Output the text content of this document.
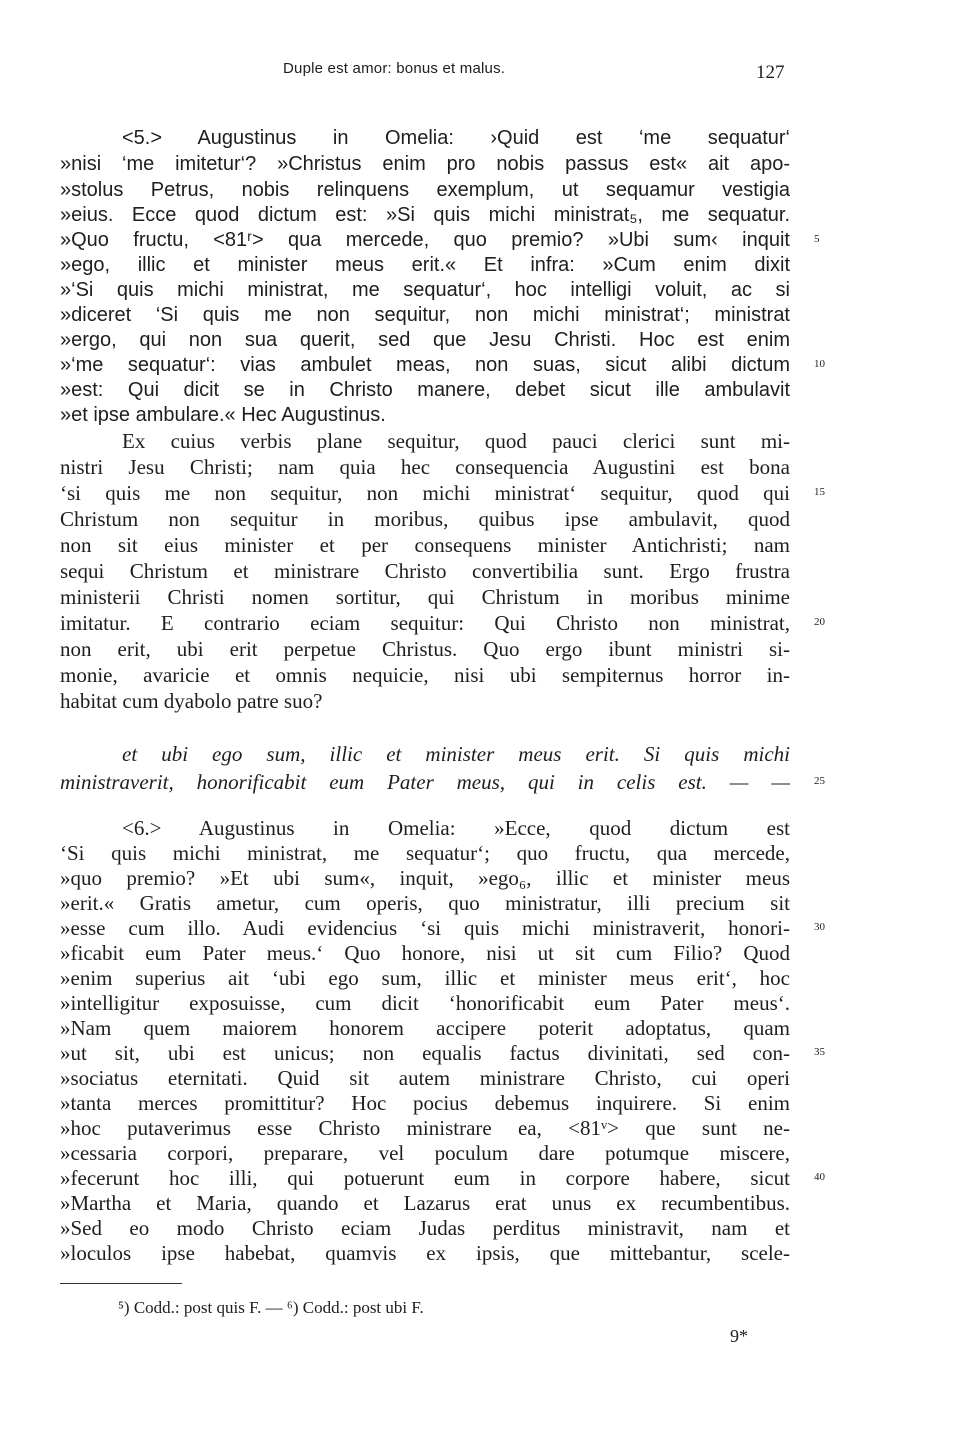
Duple est amor: bonus et malus.	127
<5.> Augustinus in Omelia: ›Quid est ‘me sequatur‘
»nisi ‘me imitetur‘? »Christus enim pro nobis passus est« ait apo-
»stolus Petrus, nobis relinquens exemplum, ut sequamur vestigia
»eius. Ecce quod dictum est: »Si quis michi ministrat₅, me sequatur.
»Quo fructu, <81ʳ> qua mercede, quo premio? »Ubi sum‹ inquit
»ego, illic et minister meus erit.« Et infra: »Cum enim dixit
»‘Si quis michi ministrat, me sequatur‘, hoc intelligi voluit, ac si
»diceret ‘Si quis me non sequitur, non michi ministrat‘; ministrat
»ergo, qui non sua querit, sed que Jesu Christi. Hoc est enim
»‘me sequatur‘: vias ambulet meas, non suas, sicut alibi dictum
»est: Qui dicit se in Christo manere, debet sicut ille ambulavit
»et ipse ambulare.« Hec Augustinus.
Ex cuius verbis plane sequitur, quod pauci clerici sunt mi-
nistri Jesu Christi; nam quia hec consequencia Augustini est bona
‘si quis me non sequitur, non michi ministrat‘ sequitur, quod qui
Christum non sequitur in moribus, quibus ipse ambulavit, quod
non sit eius minister et per consequens minister Antichristi; nam
sequi Christum et ministrare Christo convertibilia sunt. Ergo frustra
ministerii Christi nomen sortitur, qui Christum in moribus minime
imitatur. E contrario eciam sequitur: Qui Christo non ministrat,
non erit, ubi erit perpetue Christus. Quo ergo ibunt ministri si-
monie, avaricie et omnis nequicie, nisi ubi sempiternus horror in-
habitat cum dyabolo patre suo?
et ubi ego sum, illic et minister meus erit. Si quis michi
ministraverit, honorificabit eum Pater meus, qui in celis est. — —
<6.> Augustinus in Omelia: »Ecce, quod dictum est
‘Si quis michi ministrat, me sequatur‘; quo fructu, qua mercede,
»quo premio? »Et ubi sum«, inquit, »ego₆, illic et minister meus
»erit.« Gratis ametur, cum operis, quo ministratur, illi precium sit
»esse cum illo. Audi evidencius ‘si quis michi ministraverit, honori-
»ficabit eum Pater meus.‘ Quo honore, nisi ut sit cum Filio? Quod
»enim superius ait ‘ubi ego sum, illic et minister meus erit‘, hoc
»intelligitur exposuisse, cum dicit ‘honorificabit eum Pater meus‘.
»Nam quem maiorem honorem accipere poterit adoptatus, quam
»ut sit, ubi est unicus; non equalis factus divinitati, sed con-
»sociatus eternitati. Quid sit autem ministrare Christo, cui operi
»tanta merces promittitur? Hoc pocius debemus inquirere. Si enim
»hoc putaverimus esse Christo ministrare ea, <81ᵛ> que sunt ne-
»cessaria corpori, preparare, vel poculum dare potumque miscere,
»fecerunt hoc illi, qui potuerunt eum in corpore habere, sicut
»Martha et Maria, quando et Lazarus erat unus ex recumbentibus.
»Sed eo modo Christo eciam Judas perditus ministravit, nam et
»loculos ipse habebat, quamvis ex ipsis, que mittebantur, scele-
5
10
15
20
25
30
35
40
⁵) Codd.: post quis F. — ⁶) Codd.: post ubi F.
9*
